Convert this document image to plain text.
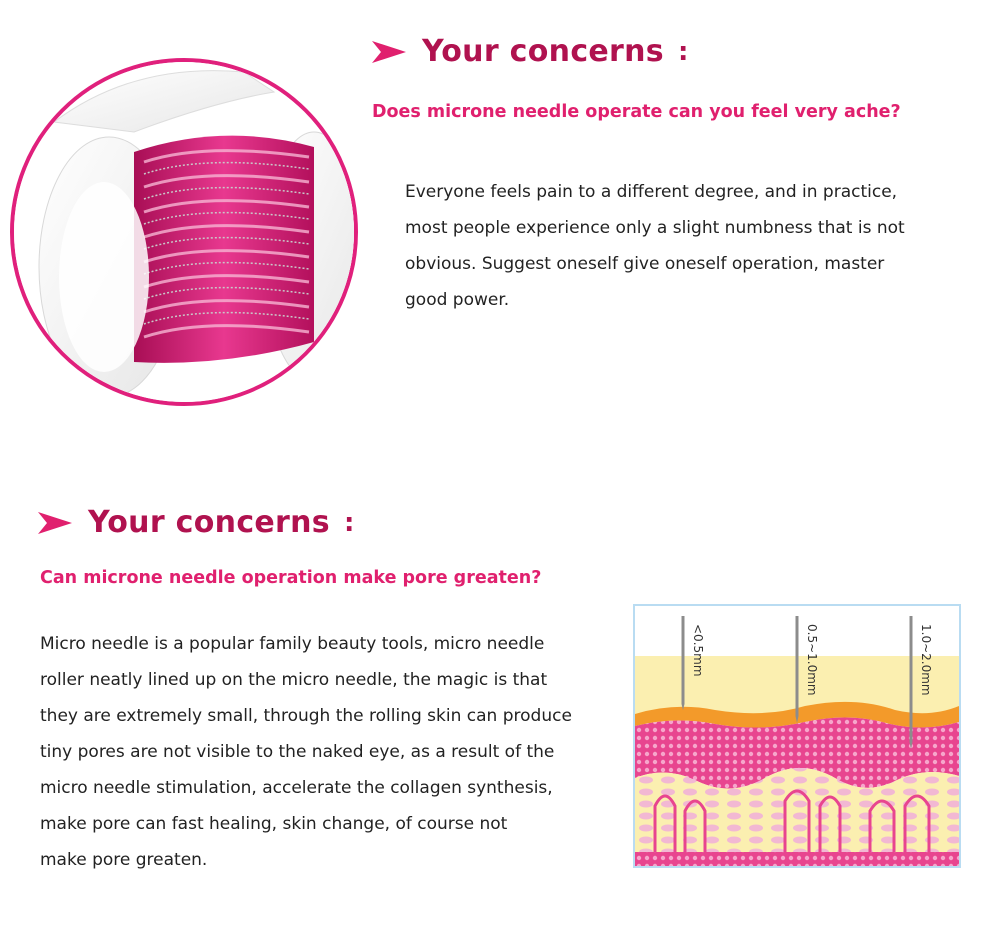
Your concerns :
Does microne needle operate can you feel very ache?
Everyone feels pain to a different degree, and in practice,
most people experience only a slight numbness that is not
obvious. Suggest oneself give oneself operation, master
good power.
Your concerns :
Can microne needle operation make pore greaten?
Micro needle is a popular family beauty tools, micro needle
roller neatly lined up on the micro needle, the magic is that
they are extremely small, through the rolling skin can produce
tiny pores are not visible to the naked eye, as a result of the
micro needle stimulation, accelerate the collagen synthesis,
make pore can fast healing, skin change, of course not
make pore greaten.
<0.5mm	0.5~1.0mm	1.0~2.0mm
